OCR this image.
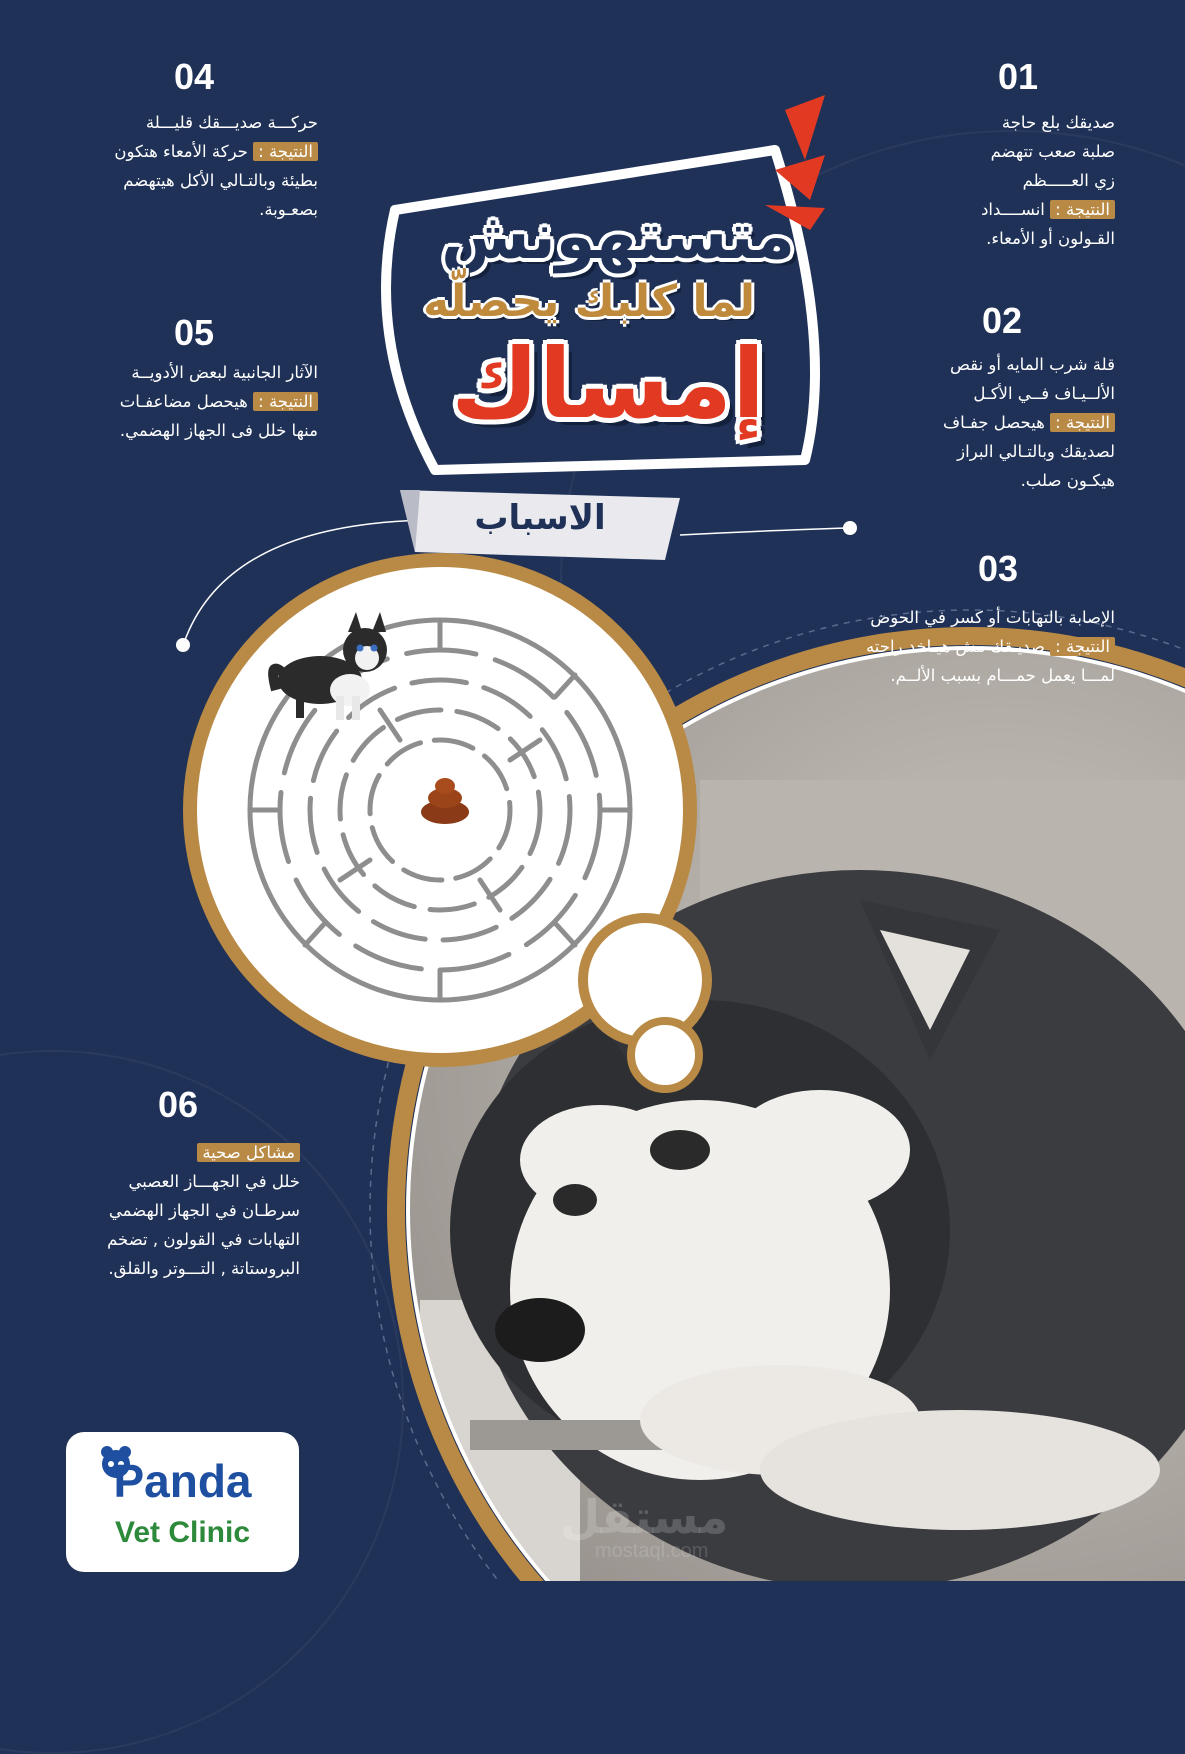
متستهونش
لما كلبك يحصلّه
إمساك
الاسباب
01

صديقك بلع حاجة

صلبة صعب تتهضم

زي العـــــظم

النتيجة : انســــداد

القـولون أو الأمعاء.

02

قلة شرب المايه أو نقص

الألــيـاف فــي الأكـل

النتيجة : هيحصل جفـاف

لصديقك وبالتـالي البراز

هيكـون صلب.

03

الإصابة بالتهابات أو كسر في الحوض

النتيجة : صديـقك مش هيـاخد راحته

لمـــا يعمل حمـــام بسبب الألــم.

04

حركـــة صديـــقك قليـــلة

النتيجة : حركة الأمعاء هتكون

بطيئة وبالتـالي الأكل هيتهضم

بصعـوبة.

05

الآثار الجانبية لبعض الأدويــة

النتيجة : هيحصل مضاعفـات

منها خلل فى الجهاز الهضمي.

06

مشاكل صحية

خلل في الجهـــاز العصبي

سرطـان في الجهاز الهضمي

التهابات في القولون , تضخم

البروستاتة , التـــوتر والقلق.

Panda
Vet Clinic	مستقل
mostaql.com
